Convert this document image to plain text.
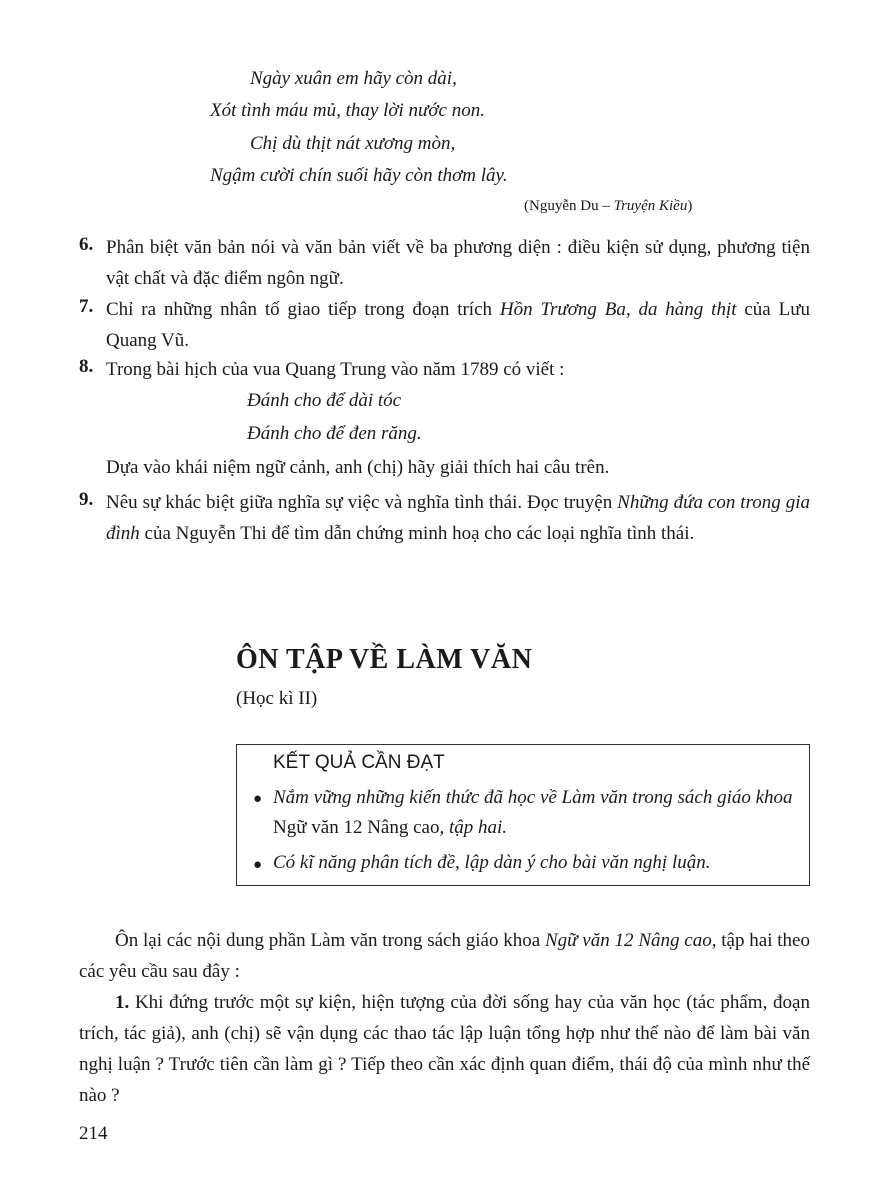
Ngày xuân em hãy còn dài,
Xót tình máu mủ, thay lời nước non.
Chị dù thịt nát xương mòn,
Ngậm cười chín suối hãy còn thơm lây.
(Nguyễn Du – Truyện Kiều)
6. Phân biệt văn bản nói và văn bản viết về ba phương diện : điều kiện sử dụng, phương tiện vật chất và đặc điểm ngôn ngữ.
7. Chỉ ra những nhân tố giao tiếp trong đoạn trích Hồn Trương Ba, da hàng thịt của Lưu Quang Vũ.
8. Trong bài hịch của vua Quang Trung vào năm 1789 có viết :
Đánh cho để dài tóc
Đánh cho để đen răng.
Dựa vào khái niệm ngữ cảnh, anh (chị) hãy giải thích hai câu trên.
9. Nêu sự khác biệt giữa nghĩa sự việc và nghĩa tình thái. Đọc truyện Những đứa con trong gia đình của Nguyễn Thi để tìm dẫn chứng minh hoạ cho các loại nghĩa tình thái.
ÔN TẬP VỀ LÀM VĂN
(Học kì II)
KẾT QUẢ CẦN ĐẠT
● Nắm vững những kiến thức đã học về Làm văn trong sách giáo khoa Ngữ văn 12 Nâng cao, tập hai.
● Có kĩ năng phân tích đề, lập dàn ý cho bài văn nghị luận.
Ôn lại các nội dung phần Làm văn trong sách giáo khoa Ngữ văn 12 Nâng cao, tập hai theo các yêu cầu sau đây :
1. Khi đứng trước một sự kiện, hiện tượng của đời sống hay của văn học (tác phẩm, đoạn trích, tác giả), anh (chị) sẽ vận dụng các thao tác lập luận tổng hợp như thế nào để làm bài văn nghị luận ? Trước tiên cần làm gì ? Tiếp theo cần xác định quan điểm, thái độ của mình như thế nào ?
214
